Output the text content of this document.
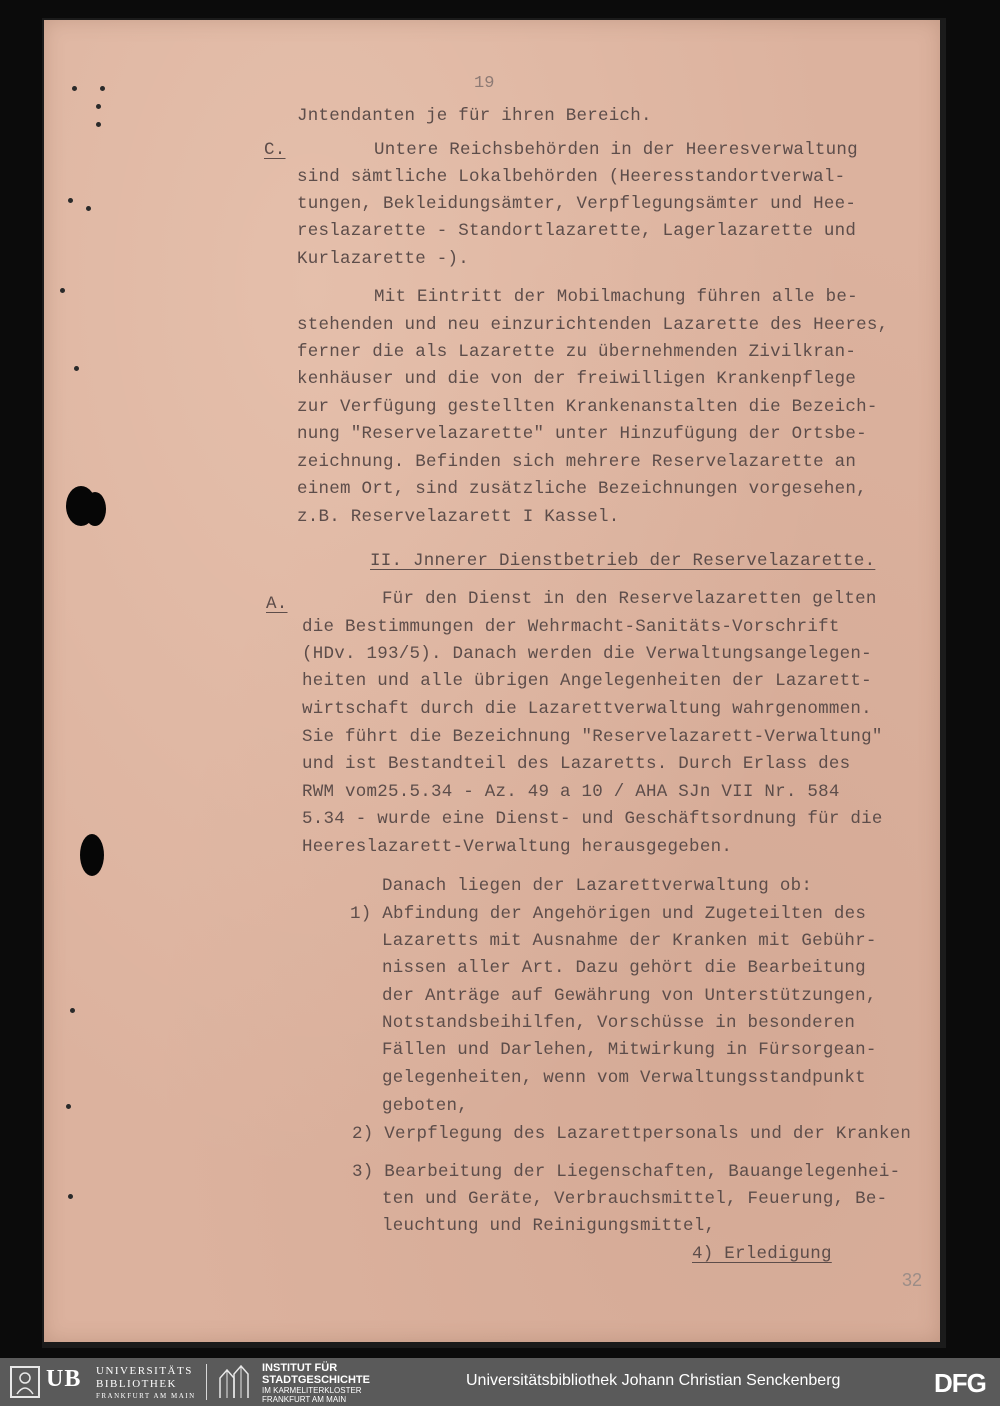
19
Jntendanten je für ihren Bereich.
C.	Untere Reichsbehörden in der Heeresverwaltung
sind sämtliche Lokalbehörden (Heeresstandortverwal-
tungen, Bekleidungsämter, Verpflegungsämter und Hee-
reslazarette - Standortlazarette, Lagerlazarette und
Kurlazarette -).
Mit Eintritt der Mobilmachung führen alle be-
stehenden und neu einzurichtenden Lazarette des Heeres,
ferner die als Lazarette zu übernehmenden Zivilkran-
kenhäuser und die von der freiwilligen Krankenpflege
zur Verfügung gestellten Krankenanstalten die Bezeich-
nung "Reservelazarette" unter Hinzufügung der Ortsbe-
zeichnung. Befinden sich mehrere Reservelazarette an
einem Ort, sind zusätzliche Bezeichnungen vorgesehen,
z.B. Reservelazarett I Kassel.
II. Jnnerer Dienstbetrieb der Reservelazarette.
A.	Für den Dienst in den Reservelazaretten gelten
die Bestimmungen der Wehrmacht-Sanitäts-Vorschrift
(HDv. 193/5). Danach werden die Verwaltungsangelegen-
heiten und alle übrigen Angelegenheiten der Lazarett-
wirtschaft durch die Lazarettverwaltung wahrgenommen.
Sie führt die Bezeichnung "Reservelazarett-Verwaltung"
und ist Bestandteil des Lazaretts. Durch Erlass des
RWM vom25.5.34 - Az. 49 a 10 / AHA SJn VII Nr. 584
5.34 - wurde eine Dienst- und Geschäftsordnung für die
Heereslazarett-Verwaltung herausgegeben.
Danach liegen der Lazarettverwaltung ob:
1) Abfindung der Angehörigen und Zugeteilten des
Lazaretts mit Ausnahme der Kranken mit Gebühr-
nissen aller Art. Dazu gehört die Bearbeitung
der Anträge auf Gewährung von Unterstützungen,
Notstandsbeihilfen, Vorschüsse in besonderen
Fällen und Darlehen, Mitwirkung in Fürsorgean-
gelegenheiten, wenn vom Verwaltungsstandpunkt
geboten,
2) Verpflegung des Lazarettpersonals und der Kranken
3) Bearbeitung der Liegenschaften, Bauangelegenhei-
ten und Geräte, Verbrauchsmittel, Feuerung, Be-
leuchtung und Reinigungsmittel,
4) Erledigung
32
UB UNIVERSITÄTS
BIBLIOTHEK
FRANKFURT AM MAIN
INSTITUT FÜR
STADTGESCHICHTE
IM KARMELITERKLOSTER
FRANKFURT AM MAIN
Universitätsbibliothek Johann Christian Senckenberg	DFG
